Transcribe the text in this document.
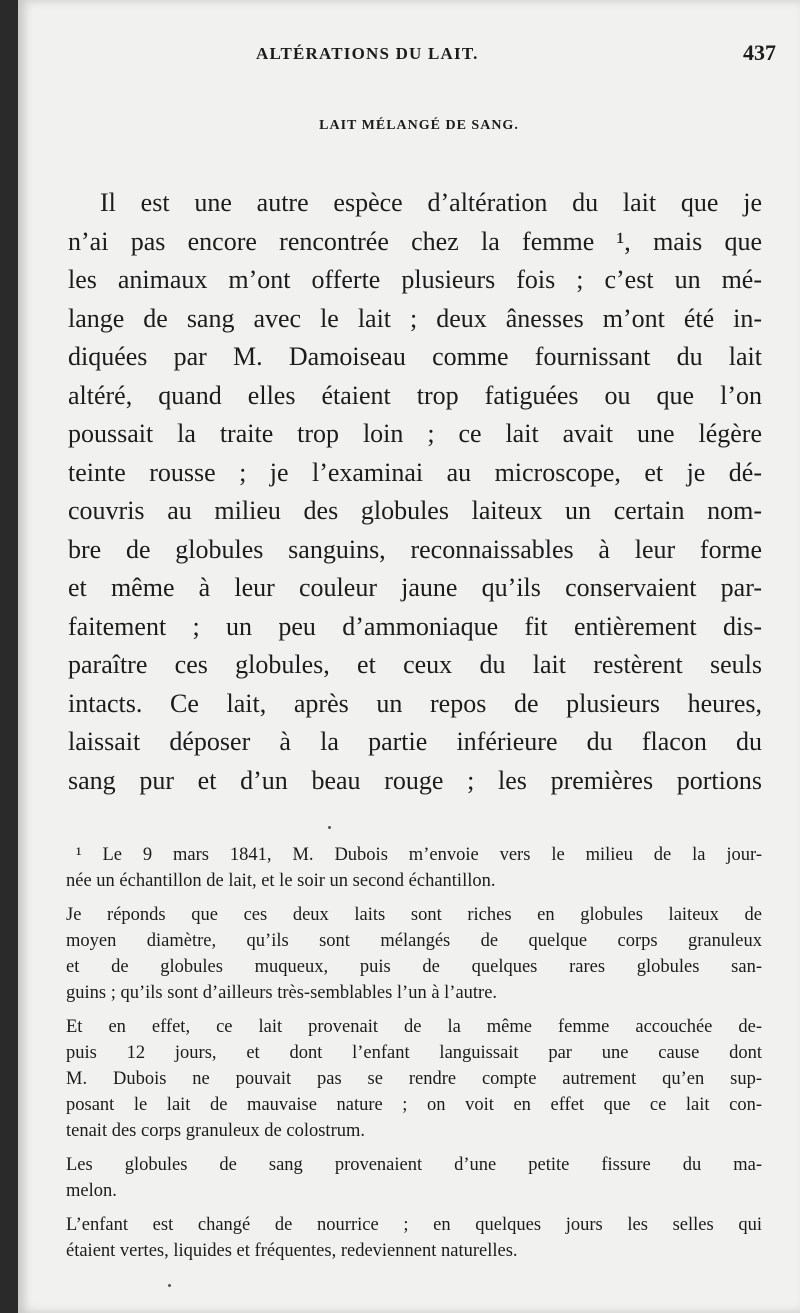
ALTÉRATIONS DU LAIT.	437
LAIT MÉLANGÉ DE SANG.
Il est une autre espèce d’altération du lait que je
n’ai pas encore rencontrée chez la femme ¹, mais que
les animaux m’ont offerte plusieurs fois ; c’est un mé-
lange de sang avec le lait ; deux ânesses m’ont été in-
diquées par M. Damoiseau comme fournissant du lait
altéré, quand elles étaient trop fatiguées ou que l’on
poussait la traite trop loin ; ce lait avait une légère
teinte rousse ; je l’examinai au microscope, et je dé-
couvris au milieu des globules laiteux un certain nom-
bre de globules sanguins, reconnaissables à leur forme
et même à leur couleur jaune qu’ils conservaient par-
faitement ; un peu d’ammoniaque fit entièrement dis-
paraître ces globules, et ceux du lait restèrent seuls
intacts. Ce lait, après un repos de plusieurs heures,
laissait déposer à la partie inférieure du flacon du
sang pur et d’un beau rouge ; les premières portions
¹ Le 9 mars 1841, M. Dubois m’envoie vers le milieu de la jour-
née un échantillon de lait, et le soir un second échantillon.
Je réponds que ces deux laits sont riches en globules laiteux de
moyen diamètre, qu’ils sont mélangés de quelque corps granuleux
et de globules muqueux, puis de quelques rares globules san-
guins ; qu’ils sont d’ailleurs très-semblables l’un à l’autre.
Et en effet, ce lait provenait de la même femme accouchée de-
puis 12 jours, et dont l’enfant languissait par une cause dont
M. Dubois ne pouvait pas se rendre compte autrement qu’en sup-
posant le lait de mauvaise nature ; on voit en effet que ce lait con-
tenait des corps granuleux de colostrum.
Les globules de sang provenaient d’une petite fissure du ma-
melon.
L’enfant est changé de nourrice ; en quelques jours les selles qui
étaient vertes, liquides et fréquentes, redeviennent naturelles.
